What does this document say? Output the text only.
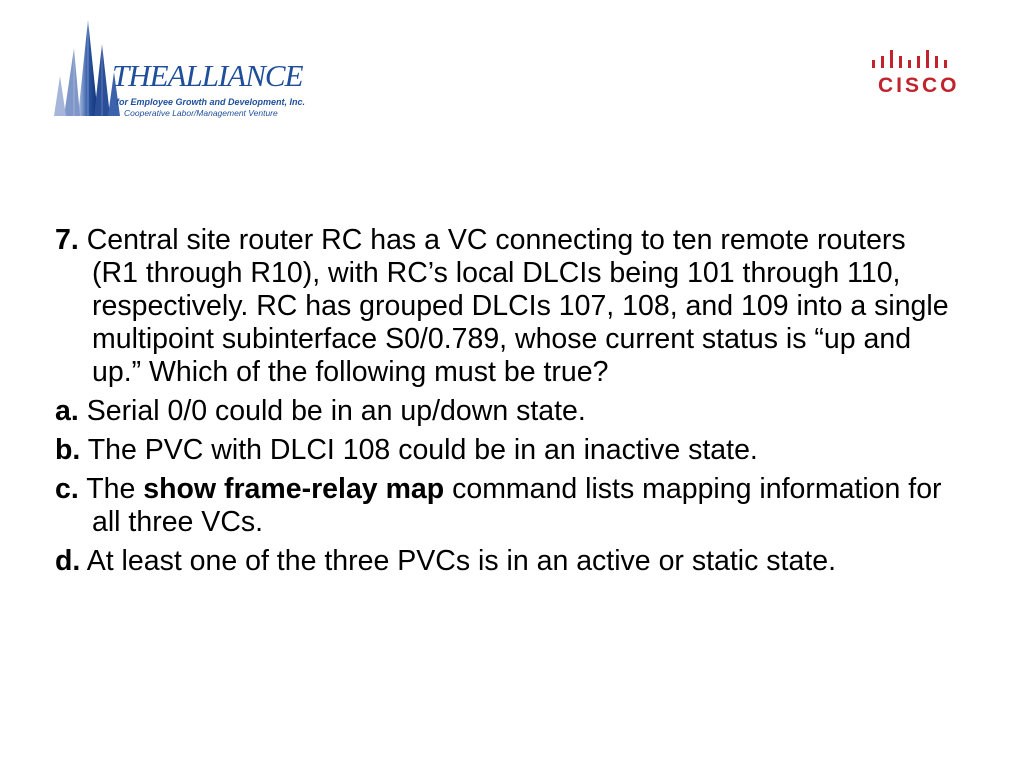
THEALLIANCE
for Employee Growth and Development, Inc.
Cooperative Labor/Management Venture
CISCO

7. Central site router RC has a VC connecting to ten remote routers (R1 through R10), with RC’s local DLCIs being 101 through 110, respectively. RC has grouped DLCIs 107, 108, and 109 into a single multipoint subinterface S0/0.789, whose current status is “up and up.” Which of the following must be true?

a. Serial 0/0 could be in an up/down state.

b. The PVC with DLCI 108 could be in an inactive state.

c. The show frame-relay map command lists mapping information for all three VCs.

d. At least one of the three PVCs is in an active or static state.
